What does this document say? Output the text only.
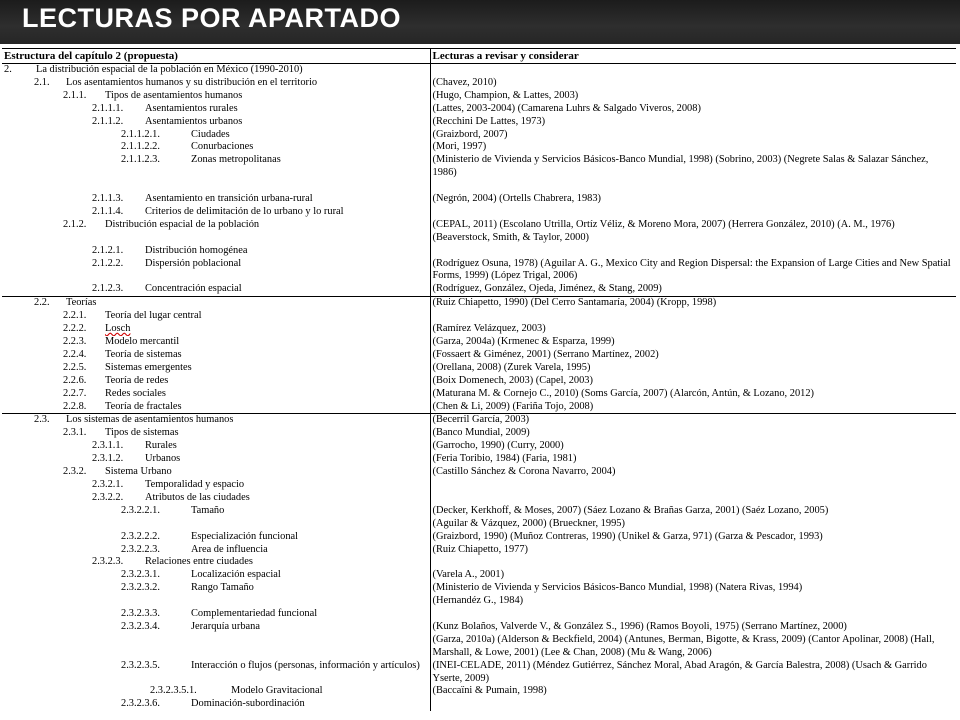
LECTURAS POR APARTADO
Estructura del capítulo 2 (propuesta)	Lecturas a revisar y considerar

2. La distribución espacial de la población en México (1990-2010)	

2.1. Los asentamientos humanos y su distribución en el territorio	(Chavez, 2010)

2.1.1. Tipos de asentamientos humanos	(Hugo, Champion, & Lattes, 2003)

2.1.1.1. Asentamientos rurales	(Lattes, 2003-2004) (Camarena Luhrs & Salgado Viveros, 2008)

2.1.1.2. Asentamientos urbanos	(Recchini De Lattes, 1973)

2.1.1.2.1. Ciudades	(Graizbord, 2007)

2.1.1.2.2. Conurbaciones	(Mori, 1997)

2.1.1.2.3. Zonas metropolitanas	(Ministerio de Vivienda y Servicios Básicos-Banco Mundial, 1998) (Sobrino, 2003) (Negrete Salas & Salazar Sánchez, 1986)

2.1.1.3. Asentamiento en transición urbana-rural	(Negrón, 2004) (Ortells Chabrera, 1983)

2.1.1.4. Criterios de delimitación de lo urbano y lo rural	

2.1.2. Distribución espacial de la población	(CEPAL, 2011) (Escolano Utrilla, Ortíz Véliz, & Moreno Mora, 2007) (Herrera González, 2010) (A. M., 1976) (Beaverstock, Smith, & Taylor, 2000)

2.1.2.1. Distribución homogénea	

2.1.2.2. Dispersión poblacional	(Rodríguez Osuna, 1978) (Aguilar A. G., Mexico City and Region Dispersal: the Expansion of Large Cities and New Spatial Forms, 1999) (López Trigal, 2006)

2.1.2.3. Concentración espacial	(Rodríguez, González, Ojeda, Jiménez, & Stang, 2009)

2.2. Teorías	(Ruiz Chiapetto, 1990) (Del Cerro Santamaría, 2004) (Kropp, 1998)

2.2.1. Teoría del lugar central	

2.2.2. Losch	(Ramírez Velázquez, 2003)

2.2.3. Modelo mercantil	(Garza, 2004a) (Krmenec & Esparza, 1999)

2.2.4. Teoría de sistemas	(Fossaert & Giménez, 2001) (Serrano Martínez, 2002)

2.2.5. Sistemas emergentes	(Orellana, 2008) (Zurek Varela, 1995)

2.2.6. Teoría de redes	(Boix Domenech, 2003) (Capel, 2003)

2.2.7. Redes sociales	(Maturana M. & Cornejo C., 2010) (Soms García, 2007) (Alarcón, Antún, & Lozano, 2012)

2.2.8. Teoría de fractales	(Chen & Li, 2009) (Fariña Tojo, 2008)

2.3. Los sistemas de asentamientos humanos	(Becerril García, 2003)

2.3.1. Tipos de sistemas	(Banco Mundial, 2009)

2.3.1.1. Rurales	(Garrocho, 1990) (Curry, 2000)

2.3.1.2. Urbanos	(Feria Toribio, 1984) (Faria, 1981)

2.3.2. Sistema Urbano	(Castillo Sánchez & Corona Navarro, 2004)

2.3.2.1. Temporalidad y espacio	

2.3.2.2. Atributos de las ciudades	

2.3.2.2.1. Tamaño	(Decker, Kerkhoff, & Moses, 2007) (Sáez Lozano & Brañas Garza, 2001) (Saéz Lozano, 2005)

	(Aguilar & Vázquez, 2000) (Brueckner, 1995)

2.3.2.2.2. Especialización funcional	(Graizbord, 1990) (Muñoz Contreras, 1990) (Unikel & Garza, 971) (Garza & Pescador, 1993)

2.3.2.2.3. Area de influencia	(Ruiz Chiapetto, 1977)

2.3.2.3. Relaciones entre ciudades	

2.3.2.3.1. Localización espacial	(Varela A., 2001)

2.3.2.3.2. Rango Tamaño	(Ministerio de Vivienda y Servicios Básicos-Banco Mundial, 1998) (Natera Rivas, 1994)

	(Hernandéz G., 1984)

2.3.2.3.3. Complementariedad funcional	

2.3.2.3.4. Jerarquía urbana	(Kunz Bolaños, Valverde V., & González S., 1996) (Ramos Boyoli, 1975) (Serrano Martínez, 2000)

	(Garza, 2010a) (Alderson & Beckfield, 2004) (Antunes, Berman, Bigotte, & Krass, 2009) (Cantor Apolinar, 2008) (Hall, Marshall, & Lowe, 2001) (Lee & Chan, 2008) (Mu & Wang, 2006)

2.3.2.3.5. Interacción o flujos (personas, información y artículos)	(INEI-CELADE, 2011) (Méndez Gutiérrez, Sánchez Moral, Abad Aragón, & García Balestra, 2008) (Usach & Garrido Yserte, 2009)

2.3.2.3.5.1. Modelo Gravitacional	(Baccaïni & Pumain, 1998)

2.3.2.3.6. Dominación-subordinación	
